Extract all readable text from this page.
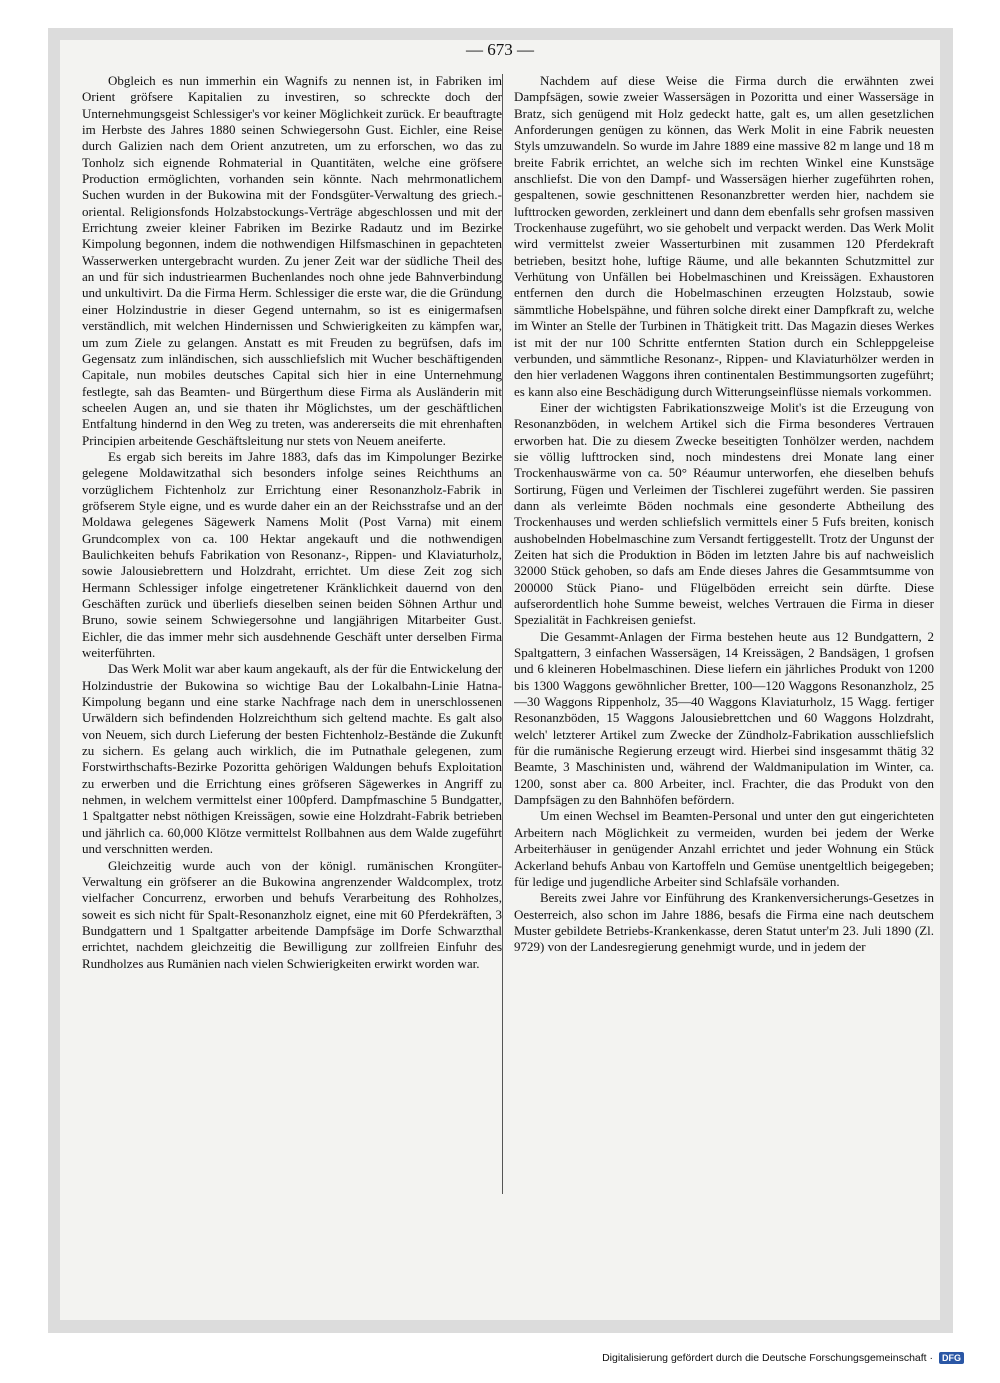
— 673 —

Obgleich es nun immerhin ein Wagnifs zu nennen ist, in Fabriken im Orient gröfsere Kapitalien zu investiren, so schreckte doch der Unternehmungsgeist Schlessiger's vor keiner Möglichkeit zurück. Er beauftragte im Herbste des Jahres 1880 seinen Schwiegersohn Gust. Eichler, eine Reise durch Galizien nach dem Orient anzutreten, um zu erforschen, wo das zu Tonholz sich eignende Rohmaterial in Quantitäten, welche eine gröfsere Production ermöglichten, vorhanden sein könnte. Nach mehrmonatlichem Suchen wurden in der Bukowina mit der Fondsgüter-Verwaltung des griech.-oriental. Religionsfonds Holzabstockungs-Verträge abgeschlossen und mit der Errichtung zweier kleiner Fabriken im Bezirke Radautz und im Bezirke Kimpolung begonnen, indem die nothwendigen Hilfsmaschinen in gepachteten Wasserwerken untergebracht wurden. Zu jener Zeit war der südliche Theil des an und für sich industriearmen Buchenlandes noch ohne jede Bahnverbindung und unkultivirt. Da die Firma Herm. Schlessiger die erste war, die die Gründung einer Holzindustrie in dieser Gegend unternahm, so ist es einigermafsen verständlich, mit welchen Hindernissen und Schwierigkeiten zu kämpfen war, um zum Ziele zu gelangen. Anstatt es mit Freuden zu begrüfsen, dafs im Gegensatz zum inländischen, sich ausschliefslich mit Wucher beschäftigenden Capitale, nun mobiles deutsches Capital sich hier in eine Unternehmung festlegte, sah das Beamten- und Bürgerthum diese Firma als Ausländerin mit scheelen Augen an, und sie thaten ihr Möglichstes, um der geschäftlichen Entfaltung hindernd in den Weg zu treten, was andererseits die mit ehrenhaften Principien arbeitende Geschäftsleitung nur stets von Neuem aneiferte.

Es ergab sich bereits im Jahre 1883, dafs das im Kimpolunger Bezirke gelegene Moldawitzathal sich besonders infolge seines Reichthums an vorzüglichem Fichtenholz zur Errichtung einer Resonanzholz-Fabrik in gröfserem Style eigne, und es wurde daher ein an der Reichsstrafse und an der Moldawa gelegenes Sägewerk Namens Molit (Post Varna) mit einem Grundcomplex von ca. 100 Hektar angekauft und die nothwendigen Baulichkeiten behufs Fabrikation von Resonanz-, Rippen- und Klaviaturholz, sowie Jalousiebrettern und Holzdraht, errichtet. Um diese Zeit zog sich Hermann Schlessiger infolge eingetretener Kränklichkeit dauernd von den Geschäften zurück und überliefs dieselben seinen beiden Söhnen Arthur und Bruno, sowie seinem Schwiegersohne und langjährigen Mitarbeiter Gust. Eichler, die das immer mehr sich ausdehnende Geschäft unter derselben Firma weiterführten.

Das Werk Molit war aber kaum angekauft, als der für die Entwickelung der Holzindustrie der Bukowina so wichtige Bau der Lokalbahn-Linie Hatna-Kimpolung begann und eine starke Nachfrage nach dem in unerschlossenen Urwäldern sich befindenden Holzreichthum sich geltend machte. Es galt also von Neuem, sich durch Lieferung der besten Fichtenholz-Bestände die Zukunft zu sichern. Es gelang auch wirklich, die im Putnathale gelegenen, zum Forstwirthschafts-Bezirke Pozoritta gehörigen Waldungen behufs Exploitation zu erwerben und die Errichtung eines gröfseren Sägewerkes in Angriff zu nehmen, in welchem vermittelst einer 100pferd. Dampfmaschine 5 Bundgatter, 1 Spaltgatter nebst nöthigen Kreissägen, sowie eine Holzdraht-Fabrik betrieben und jährlich ca. 60,000 Klötze vermittelst Rollbahnen aus dem Walde zugeführt und verschnitten werden.

Gleichzeitig wurde auch von der königl. rumänischen Krongüter-Verwaltung ein gröfserer an die Bukowina angrenzender Waldcomplex, trotz vielfacher Concurrenz, erworben und behufs Verarbeitung des Rohholzes, soweit es sich nicht für Spalt-Resonanzholz eignet, eine mit 60 Pferdekräften, 3 Bundgattern und 1 Spaltgatter arbeitende Dampfsäge im Dorfe Schwarzthal errichtet, nachdem gleichzeitig die Bewilligung zur zollfreien Einfuhr des Rundholzes aus Rumänien nach vielen Schwierigkeiten erwirkt worden war.

Nachdem auf diese Weise die Firma durch die erwähnten zwei Dampfsägen, sowie zweier Wassersägen in Pozoritta und einer Wassersäge in Bratz, sich genügend mit Holz gedeckt hatte, galt es, um allen gesetzlichen Anforderungen genügen zu können, das Werk Molit in eine Fabrik neuesten Styls umzuwandeln. So wurde im Jahre 1889 eine massive 82 m lange und 18 m breite Fabrik errichtet, an welche sich im rechten Winkel eine Kunstsäge anschliefst. Die von den Dampf- und Wassersägen hierher zugeführten rohen, gespaltenen, sowie geschnittenen Resonanzbretter werden hier, nachdem sie lufttrocken geworden, zerkleinert und dann dem ebenfalls sehr grofsen massiven Trockenhause zugeführt, wo sie gehobelt und verpackt werden. Das Werk Molit wird vermittelst zweier Wasserturbinen mit zusammen 120 Pferdekraft betrieben, besitzt hohe, luftige Räume, und alle bekannten Schutzmittel zur Verhütung von Unfällen bei Hobelmaschinen und Kreissägen. Exhaustoren entfernen den durch die Hobelmaschinen erzeugten Holzstaub, sowie sämmtliche Hobelspähne, und führen solche direkt einer Dampfkraft zu, welche im Winter an Stelle der Turbinen in Thätigkeit tritt. Das Magazin dieses Werkes ist mit der nur 100 Schritte entfernten Station durch ein Schleppgeleise verbunden, und sämmtliche Resonanz-, Rippen- und Klaviaturhölzer werden in den hier verladenen Waggons ihren continentalen Bestimmungsorten zugeführt; es kann also eine Beschädigung durch Witterungseinflüsse niemals vorkommen.

Einer der wichtigsten Fabrikationszweige Molit's ist die Erzeugung von Resonanzböden, in welchem Artikel sich die Firma besonderes Vertrauen erworben hat. Die zu diesem Zwecke beseitigten Tonhölzer werden, nachdem sie völlig lufttrocken sind, noch mindestens drei Monate lang einer Trockenhauswärme von ca. 50° Réaumur unterworfen, ehe dieselben behufs Sortirung, Fügen und Verleimen der Tischlerei zugeführt werden. Sie passiren dann als verleimte Böden nochmals eine gesonderte Abtheilung des Trockenhauses und werden schliefslich vermittels einer 5 Fufs breiten, konisch aushobelnden Hobelmaschine zum Versandt fertiggestellt. Trotz der Ungunst der Zeiten hat sich die Produktion in Böden im letzten Jahre bis auf nachweislich 32000 Stück gehoben, so dafs am Ende dieses Jahres die Gesammtsumme von 200000 Stück Piano- und Flügelböden erreicht sein dürfte. Diese aufserordentlich hohe Summe beweist, welches Vertrauen die Firma in dieser Spezialität in Fachkreisen geniefst.

Die Gesammt-Anlagen der Firma bestehen heute aus 12 Bundgattern, 2 Spaltgattern, 3 einfachen Wassersägen, 14 Kreissägen, 2 Bandsägen, 1 grofsen und 6 kleineren Hobelmaschinen. Diese liefern ein jährliches Produkt von 1200 bis 1300 Waggons gewöhnlicher Bretter, 100—120 Waggons Resonanzholz, 25—30 Waggons Rippenholz, 35—40 Waggons Klaviaturholz, 15 Wagg. fertiger Resonanzböden, 15 Waggons Jalousiebrettchen und 60 Waggons Holzdraht, welch' letzterer Artikel zum Zwecke der Zündholz-Fabrikation ausschliefslich für die rumänische Regierung erzeugt wird. Hierbei sind insgesammt thätig 32 Beamte, 3 Maschinisten und, während der Waldmanipulation im Winter, ca. 1200, sonst aber ca. 800 Arbeiter, incl. Frachter, die das Produkt von den Dampfsägen zu den Bahnhöfen befördern.

Um einen Wechsel im Beamten-Personal und unter den gut eingerichteten Arbeitern nach Möglichkeit zu vermeiden, wurden bei jedem der Werke Arbeiterhäuser in genügender Anzahl errichtet und jeder Wohnung ein Stück Ackerland behufs Anbau von Kartoffeln und Gemüse unentgeltlich beigegeben; für ledige und jugendliche Arbeiter sind Schlafsäle vorhanden.

Bereits zwei Jahre vor Einführung des Krankenversicherungs-Gesetzes in Oesterreich, also schon im Jahre 1886, besafs die Firma eine nach deutschem Muster gebildete Betriebs-Krankenkasse, deren Statut unter'm 23. Juli 1890 (Zl. 9729) von der Landesregierung genehmigt wurde, und in jedem der

Digitalisierung gefördert durch die Deutsche Forschungsgemeinschaft ·	DFG
